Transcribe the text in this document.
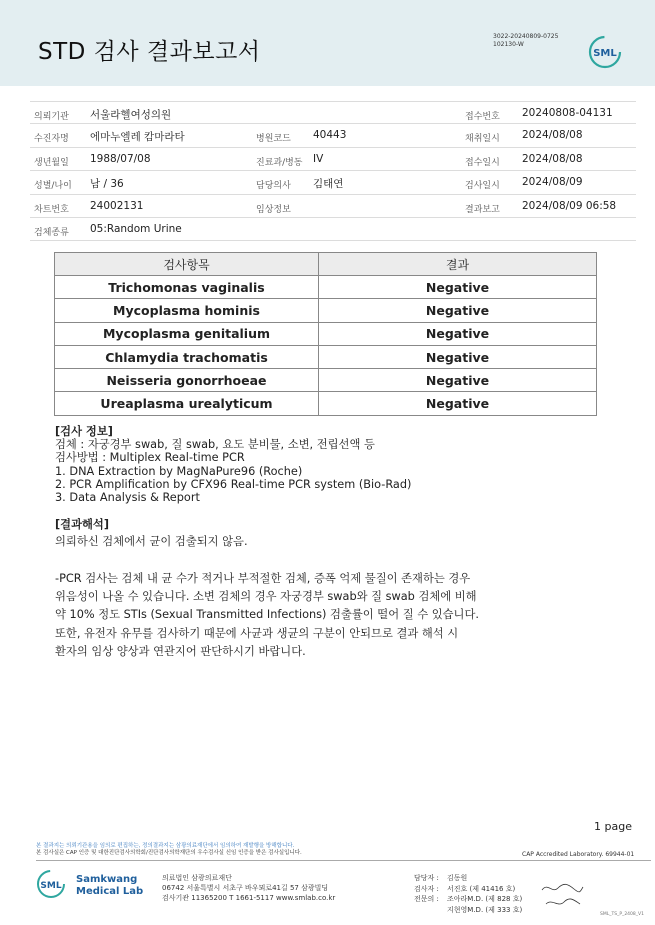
STD 검사 결과보고서
3022-20240809-0725
102130-W
SML
의뢰기관 서울라헬여성의원	접수번호 20240808-04131
수진자명 에마누엘레 캄마라타	병원코드 40443	채취일시 2024/08/08
생년월일 1988/07/08	진료과/병동 IV	접수일시 2024/08/08
성별/나이 남 / 36	담당의사 김태연	검사일시 2024/08/09
차트번호 24002131	임상정보	결과보고 2024/08/09 06:58
검체종류 05:Random Urine
검사항목	결과
Trichomonas vaginalis	Negative
Mycoplasma hominis	Negative
Mycoplasma genitalium	Negative
Chlamydia trachomatis	Negative
Neisseria gonorrhoeae	Negative
Ureaplasma urealyticum	Negative
[검사 정보]
검체 : 자궁경부 swab, 질 swab, 요도 분비물, 소변, 전립선액 등
검사방법 : Multiplex Real-time PCR
1. DNA Extraction by MagNaPure96 (Roche)
2. PCR Amplification by CFX96 Real-time PCR system (Bio-Rad)
3. Data Analysis & Report
[결과해석]
의뢰하신 검체에서 균이 검출되지 않음.
-PCR 검사는 검체 내 균 수가 적거나 부적절한 검체, 증폭 억제 물질이 존재하는 경우
위음성이 나올 수 있습니다. 소변 검체의 경우 자궁경부 swab와 질 swab 검체에 비해
약 10% 정도 STIs (Sexual Transmitted Infections) 검출률이 떨어 질 수 있습니다.
또한, 유전자 유무를 검사하기 때문에 사균과 생균의 구분이 안되므로 결과 해석 시
환자의 임상 양상과 연관지어 판단하시기 바랍니다.
1 page
본 결과지는 의뢰기관용을 임의로 편집하는, 정의결과지는 삼광의료재단에서 임의하여 재발행을 방해합니다.
본 검사실은 CAP 인증 및 대한진단검사의학회/진단검사의학재단의 우수검사실 신임 인증을 받은 검사실입니다.	CAP Accredited Laboratory. 69944-01
SML
Samkwang
Medical Lab
의료법인 삼광의료재단
06742 서울특별시 서초구 바우뫼로41길 57 삼광빌딩
검사기관 11365200 T 1661-5117 www.smlab.co.kr
담당자 : 김동원
검사자 : 서진호 (제 41416 호)
전문의 : 조아라M.D. (제 828 호)
지현영M.D. (제 333 호)
SML_TS_P_2408_V1
